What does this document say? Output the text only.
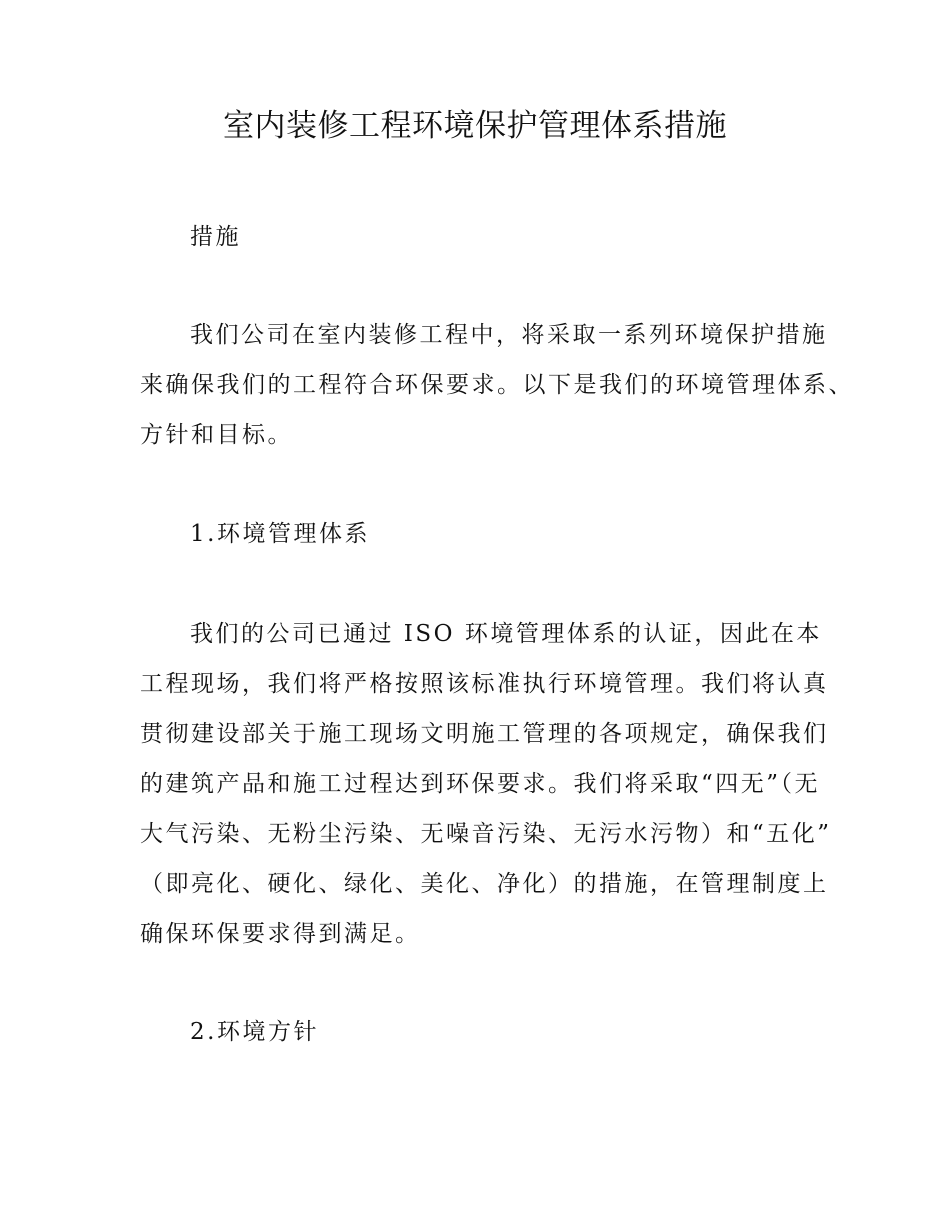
室内装修工程环境保护管理体系措施

措施

我们公司在室内装修工程中，将采取一系列环境保护措施
来确保我们的工程符合环保要求。以下是我们的环境管理体系、
方针和目标。

1.环境管理体系

我们的公司已通过 ISO 环境管理体系的认证，因此在本
工程现场，我们将严格按照该标准执行环境管理。我们将认真
贯彻建设部关于施工现场文明施工管理的各项规定，确保我们
的建筑产品和施工过程达到环保要求。我们将采取“四无”（无
大气污染、无粉尘污染、无噪音污染、无污水污物）和“五化”
（即亮化、硬化、绿化、美化、净化）的措施，在管理制度上
确保环保要求得到满足。

2.环境方针
